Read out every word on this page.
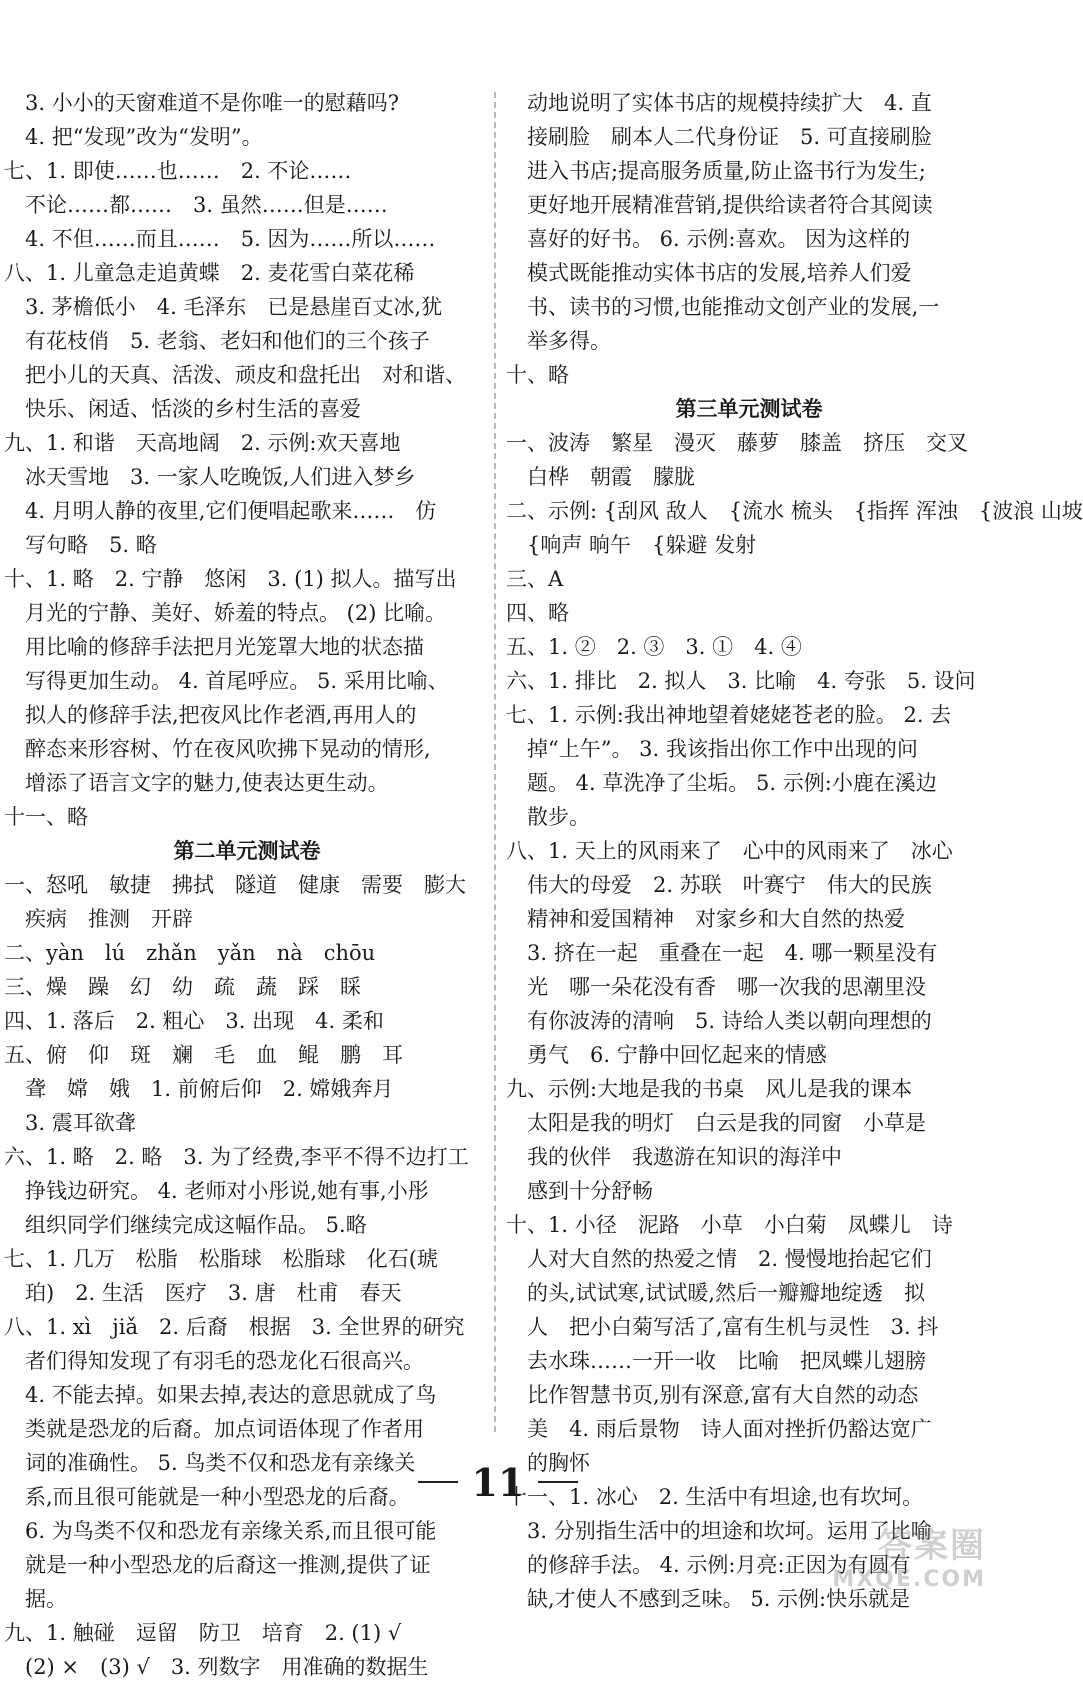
　3. 小小的天窗难道不是你唯一的慰藉吗?
　4. 把“发现”改为“发明”。
七、1. 即使……也……　2. 不论……
　不论……都……　3. 虽然……但是……
　4. 不但……而且……　5. 因为……所以……
八、1. 儿童急走追黄蝶　2. 麦花雪白菜花稀
　3. 茅檐低小　4. 毛泽东　已是悬崖百丈冰,犹
　有花枝俏　5. 老翁、老妇和他们的三个孩子
　把小儿的天真、活泼、顽皮和盘托出　对和谐、
　快乐、闲适、恬淡的乡村生活的喜爱
九、1. 和谐　天高地阔　2. 示例:欢天喜地
　冰天雪地　3. 一家人吃晚饭,人们进入梦乡
　4. 月明人静的夜里,它们便唱起歌来……　仿
　写句略　5. 略
十、1. 略　2. 宁静　悠闲　3. (1) 拟人。描写出
　月光的宁静、美好、娇羞的特点。 (2) 比喻。
　用比喻的修辞手法把月光笼罩大地的状态描
　写得更加生动。 4. 首尾呼应。 5. 采用比喻、
　拟人的修辞手法,把夜风比作老酒,再用人的
　醉态来形容树、竹在夜风吹拂下晃动的情形,
　增添了语言文字的魅力,使表达更生动。
十一、略
第二单元测试卷
一、怒吼　敏捷　拂拭　隧道　健康　需要　膨大
　疾病　推测　开辟
二、yàn　lú　zhǎn　yǎn　nà　chōu
三、燥　躁　幻　幼　疏　蔬　踩　睬
四、1. 落后　2. 粗心　3. 出现　4. 柔和
五、俯　仰　斑　斓　毛　血　鲲　鹏　耳
　聋　嫦　娥　1. 前俯后仰　2. 嫦娥奔月
　3. 震耳欲聋
六、1. 略　2. 略　3. 为了经费,李平不得不边打工
　挣钱边研究。 4. 老师对小彤说,她有事,小彤
　组织同学们继续完成这幅作品。 5.略
七、1. 几万　松脂　松脂球　松脂球　化石(琥
　珀)　2. 生活　医疗　3. 唐　杜甫　春天
八、1. xì　jiǎ　2. 后裔　根据　3. 全世界的研究
　者们得知发现了有羽毛的恐龙化石很高兴。
　4. 不能去掉。如果去掉,表达的意思就成了鸟
　类就是恐龙的后裔。加点词语体现了作者用
　词的准确性。 5. 鸟类不仅和恐龙有亲缘关
　系,而且很可能就是一种小型恐龙的后裔。
　6. 为鸟类不仅和恐龙有亲缘关系,而且很可能
　就是一种小型恐龙的后裔这一推测,提供了证
　据。
九、1. 触碰　逗留　防卫　培育　2. (1) √
　(2) ×　(3) √　3. 列数字　用准确的数据生
　动地说明了实体书店的规模持续扩大　4. 直
　接刷脸　刷本人二代身份证　5. 可直接刷脸
　进入书店;提高服务质量,防止盗书行为发生;
　更好地开展精准营销,提供给读者符合其阅读
　喜好的好书。 6. 示例:喜欢。 因为这样的
　模式既能推动实体书店的发展,培养人们爱
　书、读书的习惯,也能推动文创产业的发展,一
　举多得。
十、略
第三单元测试卷
一、波涛　繁星　漫灭　藤萝　膝盖　挤压　交叉
　白桦　朝霞　朦胧
二、示例: {刮风 敌人　{流水 梳头　{指挥 浑浊　{波浪 山坡
　{响声 晌午　{躲避 发射
三、A
四、略
五、1. ②　2. ③　3. ①　4. ④
六、1. 排比　2. 拟人　3. 比喻　4. 夸张　5. 设问
七、1. 示例:我出神地望着姥姥苍老的脸。 2. 去
　掉“上午”。 3. 我该指出你工作中出现的问
　题。 4. 草洗净了尘垢。 5. 示例:小鹿在溪边
　散步。
八、1. 天上的风雨来了　心中的风雨来了　冰心
　伟大的母爱　2. 苏联　叶赛宁　伟大的民族
　精神和爱国精神　对家乡和大自然的热爱
　3. 挤在一起　重叠在一起　4. 哪一颗星没有
　光　哪一朵花没有香　哪一次我的思潮里没
　有你波涛的清响　5. 诗给人类以朝向理想的
　勇气　6. 宁静中回忆起来的情感
九、示例:大地是我的书桌　风儿是我的课本
　太阳是我的明灯　白云是我的同窗　小草是
　我的伙伴　我遨游在知识的海洋中
　感到十分舒畅
十、1. 小径　泥路　小草　小白菊　凤蝶儿　诗
　人对大自然的热爱之情　2. 慢慢地抬起它们
　的头,试试寒,试试暖,然后一瓣瓣地绽透　拟
　人　把小白菊写活了,富有生机与灵性　3. 抖
　去水珠……一开一收　比喻　把凤蝶儿翅膀
　比作智慧书页,别有深意,富有大自然的动态
　美　4. 雨后景物　诗人面对挫折仍豁达宽广
　的胸怀
十一、1. 冰心　2. 生活中有坦途,也有坎坷。
　3. 分别指生活中的坦途和坎坷。运用了比喻
　的修辞手法。 4. 示例:月亮:正因为有圆有
　缺,才使人不感到乏味。 5. 示例:快乐就是
11
答案圈
MXQE.COM
